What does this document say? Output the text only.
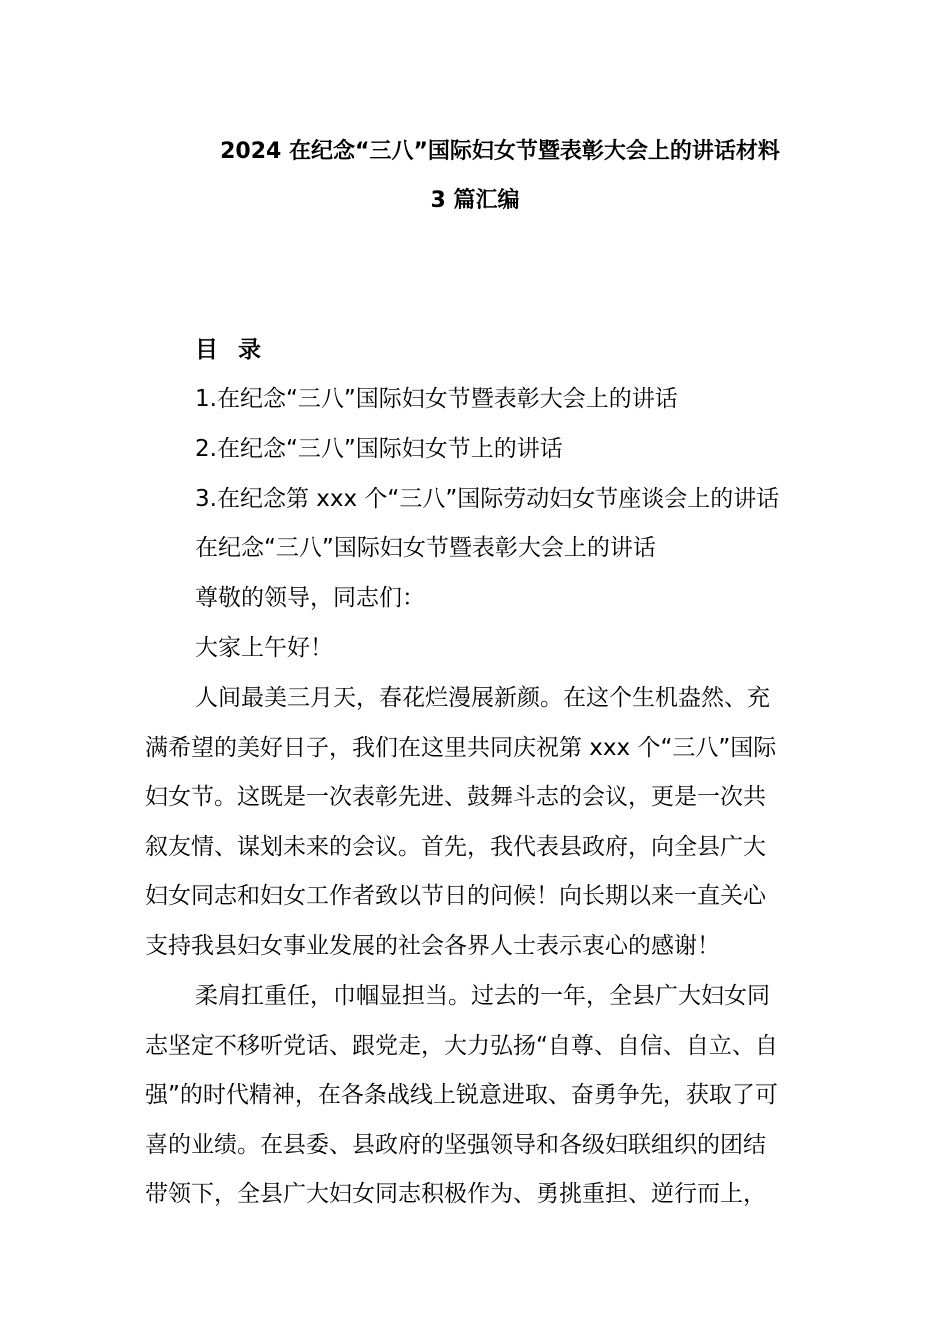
2024 在纪念“三八”国际妇女节暨表彰大会上的讲话材料
3 篇汇编
目 录
1.在纪念“三八”国际妇女节暨表彰大会上的讲话
2.在纪念“三八”国际妇女节上的讲话
3.在纪念第 xxx 个“三八”国际劳动妇女节座谈会上的讲话
在纪念“三八”国际妇女节暨表彰大会上的讲话
尊敬的领导，同志们：
大家上午好！
人间最美三月天，春花烂漫展新颜。在这个生机盎然、充
满希望的美好日子，我们在这里共同庆祝第 xxx 个“三八”国际
妇女节。这既是一次表彰先进、鼓舞斗志的会议，更是一次共
叙友情、谋划未来的会议。首先，我代表县政府，向全县广大
妇女同志和妇女工作者致以节日的问候！向长期以来一直关心
支持我县妇女事业发展的社会各界人士表示衷心的感谢！
柔肩扛重任，巾帼显担当。过去的一年，全县广大妇女同
志坚定不移听党话、跟党走，大力弘扬“自尊、自信、自立、自
强”的时代精神，在各条战线上锐意进取、奋勇争先，获取了可
喜的业绩。在县委、县政府的坚强领导和各级妇联组织的团结
带领下，全县广大妇女同志积极作为、勇挑重担、逆行而上，
